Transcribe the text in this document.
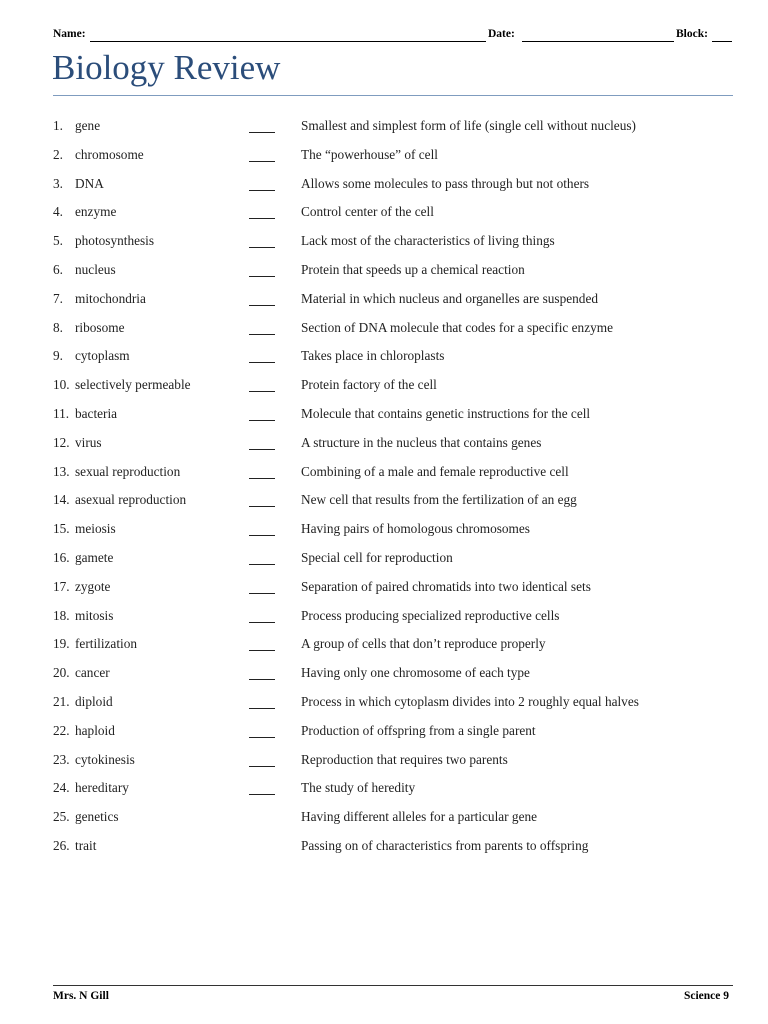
Name:	Date:	Block:
Biology Review
1. gene	Smallest and simplest form of life (single cell without nucleus)
2. chromosome	The “powerhouse” of cell
3. DNA	Allows some molecules to pass through but not others
4. enzyme	Control center of the cell
5. photosynthesis	Lack most of the characteristics of living things
6. nucleus	Protein that speeds up a chemical reaction
7. mitochondria	Material in which nucleus and organelles are suspended
8. ribosome	Section of DNA molecule that codes for a specific enzyme
9. cytoplasm	Takes place in chloroplasts
10. selectively permeable	Protein factory of the cell
11. bacteria	Molecule that contains genetic instructions for the cell
12. virus	A structure in the nucleus that contains genes
13. sexual reproduction	Combining of a male and female reproductive cell
14. asexual reproduction	New cell that results from the fertilization of an egg
15. meiosis	Having pairs of homologous chromosomes
16. gamete	Special cell for reproduction
17. zygote	Separation of paired chromatids into two identical sets
18. mitosis	Process producing specialized reproductive cells
19. fertilization	A group of cells that don’t reproduce properly
20. cancer	Having only one chromosome of each type
21. diploid	Process in which cytoplasm divides into 2 roughly equal halves
22. haploid	Production of offspring from a single parent
23. cytokinesis	Reproduction that requires two parents
24. hereditary	The study of heredity
25. genetics	Having different alleles for a particular gene
26. trait	Passing on of characteristics from parents to offspring
Mrs. N Gill	Science 9
